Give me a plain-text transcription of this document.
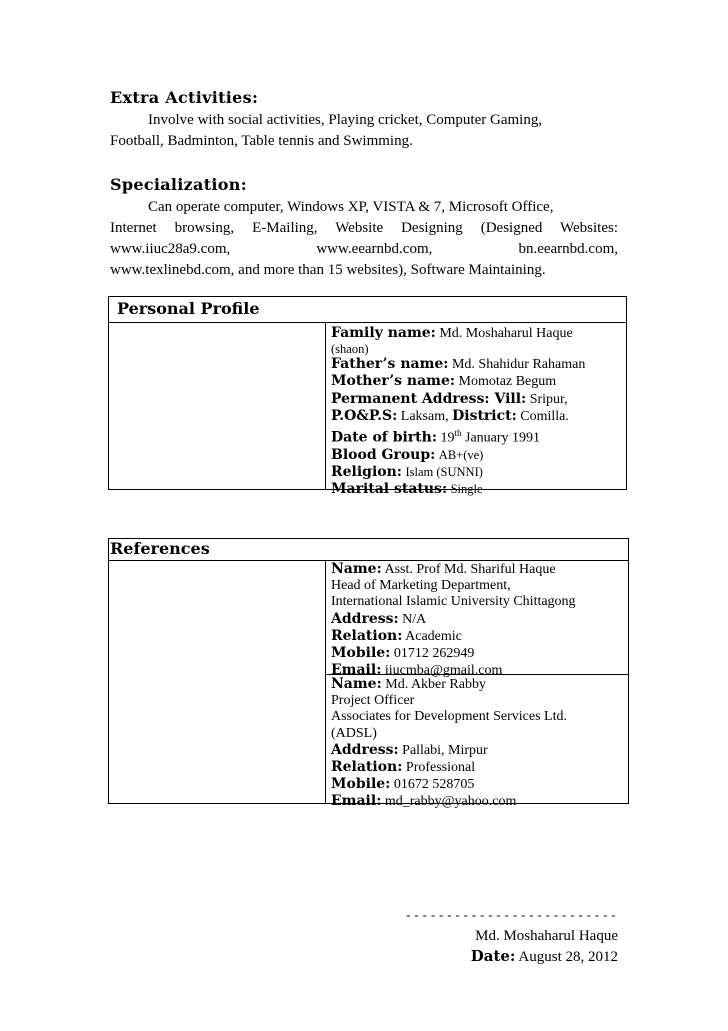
Extra Activities:
Involve with social activities, Playing cricket, Computer Gaming,
Football, Badminton, Table tennis and Swimming.
Specialization:
Can operate computer, Windows XP, VISTA & 7, Microsoft Office,
Internet browsing, E-Mailing, Website Designing (Designed Websites:
www.iiuc28a9.com,	www.eearnbd.com,	bn.eearnbd.com,
www.texlinebd.com, and more than 15 websites), Software Maintaining.
Personal Profile
Family name: Md. Moshaharul Haque
(shaon)
Father’s name: Md. Shahidur Rahaman
Mother’s name: Momotaz Begum
Permanent Address: Vill: Sripur,
P.O&P.S: Laksam, District: Comilla.
Date of birth: 19th January 1991
Blood Group: AB+(ve)
Religion: Islam (SUNNI)
Marital status: Single
References
Name: Asst. Prof Md. Shariful Haque
Head of Marketing Department,
International Islamic University Chittagong
Address: N/A
Relation: Academic
Mobile: 01712 262949
Email: iiucmba@gmail.com
Name: Md. Akber Rabby
Project Officer
Associates for Development Services Ltd.
(ADSL)
Address: Pallabi, Mirpur
Relation: Professional
Mobile: 01672 528705
Email: md_rabby@yahoo.com
--------------------------
Md. Moshaharul Haque
Date: August 28, 2012
